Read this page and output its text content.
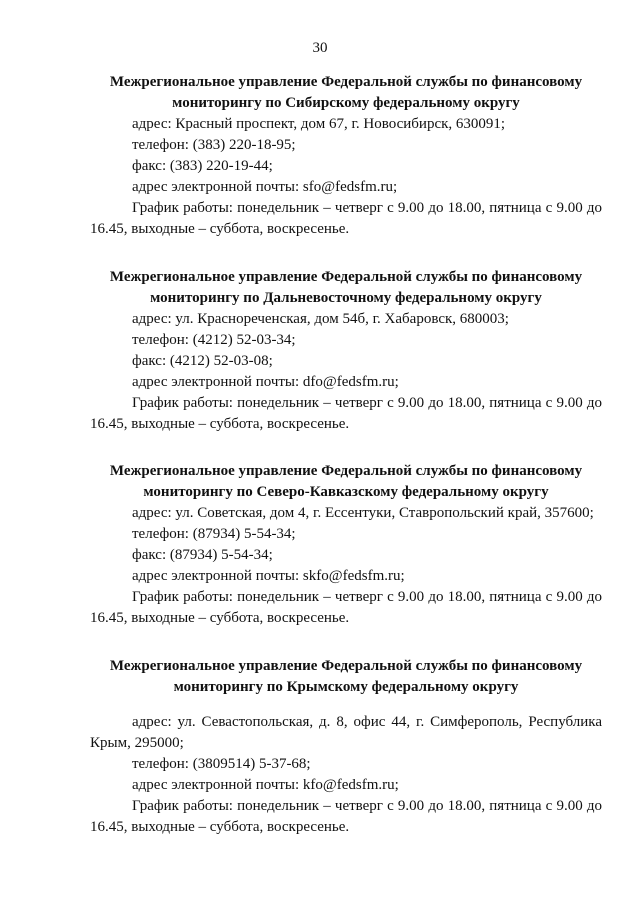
30
Межрегиональное управление Федеральной службы по финансовому
мониторингу по Сибирскому федеральному округу

адрес: Красный проспект, дом 67, г. Новосибирск, 630091;

телефон: (383) 220-18-95;

факс: (383) 220-19-44;

адрес электронной почты: sfo@fedsfm.ru;

График работы: понедельник – четверг с 9.00 до 18.00, пятница с 9.00 до 16.45, выходные – суббота, воскресенье.

Межрегиональное управление Федеральной службы по финансовому
мониторингу по Дальневосточному федеральному округу

адрес: ул. Краснореченская, дом 54б, г. Хабаровск, 680003;

телефон: (4212) 52-03-34;

факс: (4212) 52-03-08;

адрес электронной почты: dfo@fedsfm.ru;

График работы: понедельник – четверг с 9.00 до 18.00, пятница с 9.00 до 16.45, выходные – суббота, воскресенье.

Межрегиональное управление Федеральной службы по финансовому
мониторингу по Северо-Кавказскому федеральному округу

адрес: ул. Советская, дом 4, г. Ессентуки, Ставропольский край, 357600;

телефон: (87934) 5-54-34;

факс: (87934) 5-54-34;

адрес электронной почты: skfo@fedsfm.ru;

График работы: понедельник – четверг с 9.00 до 18.00, пятница с 9.00 до 16.45, выходные – суббота, воскресенье.

Межрегиональное управление Федеральной службы по финансовому
мониторингу по Крымскому федеральному округу

адрес: ул. Севастопольская, д. 8, офис 44, г. Симферополь, Республика Крым, 295000;

телефон: (3809514) 5-37-68;

адрес электронной почты: kfo@fedsfm.ru;

График работы: понедельник – четверг с 9.00 до 18.00, пятница с 9.00 до 16.45, выходные – суббота, воскресенье.
